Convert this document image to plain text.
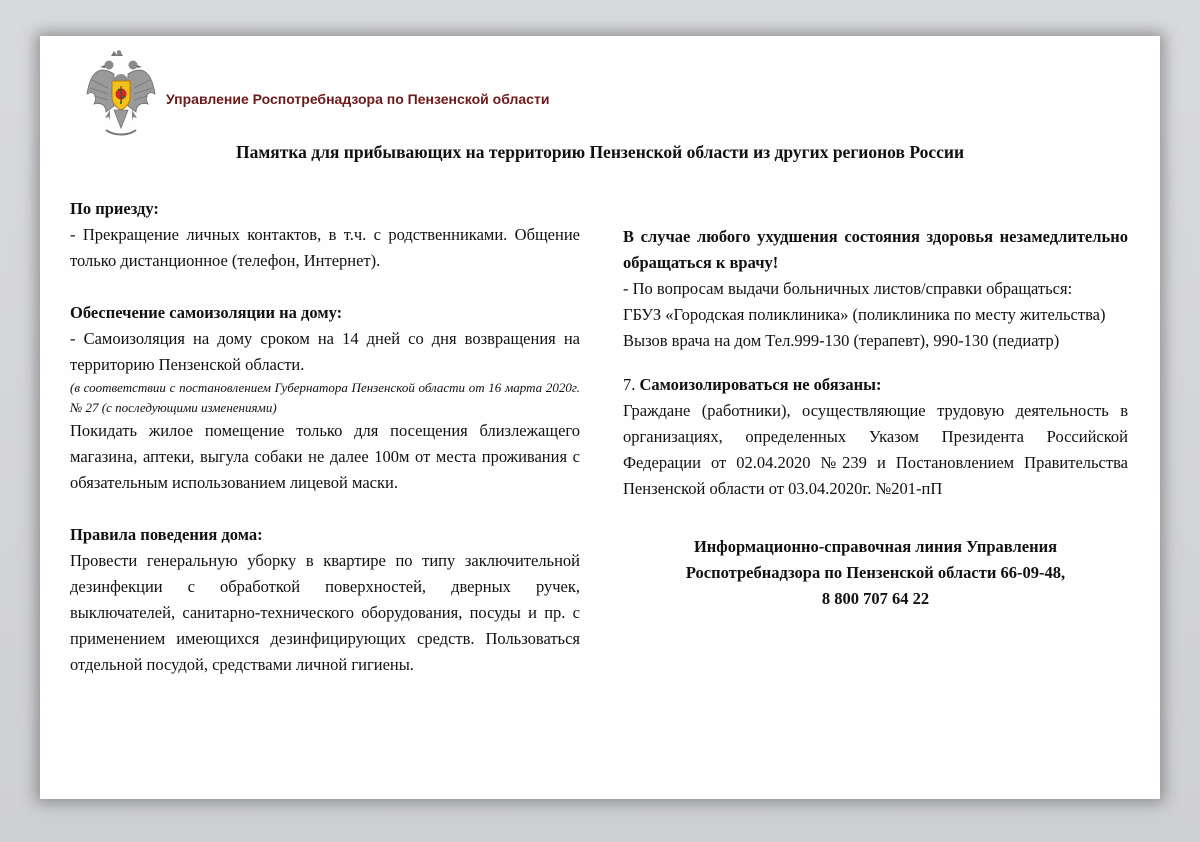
Управление Роспотребнадзора по Пензенской области
Памятка для прибывающих на территорию Пензенской области из других регионов России
По приезду:
- Прекращение личных контактов, в т.ч. с родственниками. Общение только дистанционное (телефон, Интернет).
Обеспечение самоизоляции на дому:
- Самоизоляция на дому сроком на 14 дней со дня возвращения на территорию Пензенской области.
(в соответствии с постановлением Губернатора Пензенской области от 16 марта 2020г.№ 27 (с последующими изменениями)
Покидать жилое помещение только для посещения близлежащего магазина, аптеки, выгула собаки не далее 100м от места проживания с обязательным использованием лицевой маски.
Правила поведения дома:
Провести генеральную уборку в квартире по типу заключительной дезинфекции с обработкой поверхностей, дверных ручек, выключателей, санитарно-технического оборудования, посуды и пр. с применением имеющихся дезинфицирующих средств. Пользоваться отдельной посудой, средствами личной гигиены.
В случае любого ухудшения состояния здоровья незамедлительно обращаться к врачу!
- По вопросам выдачи больничных листов/справки обращаться:
ГБУЗ «Городская поликлиника» (поликлиника по месту жительства)
Вызов врача на дом Тел.999-130 (терапевт), 990-130 (педиатр)
7. Самоизолироваться не обязаны:
Граждане (работники), осуществляющие трудовую деятельность в организациях, определенных Указом Президента Российской Федерации от 02.04.2020 №239 и Постановлением Правительства Пензенской области от 03.04.2020г. №201-пП
Информационно-справочная линия Управления
Роспотребнадзора по Пензенской области 66-09-48,
8 800 707 64 22
